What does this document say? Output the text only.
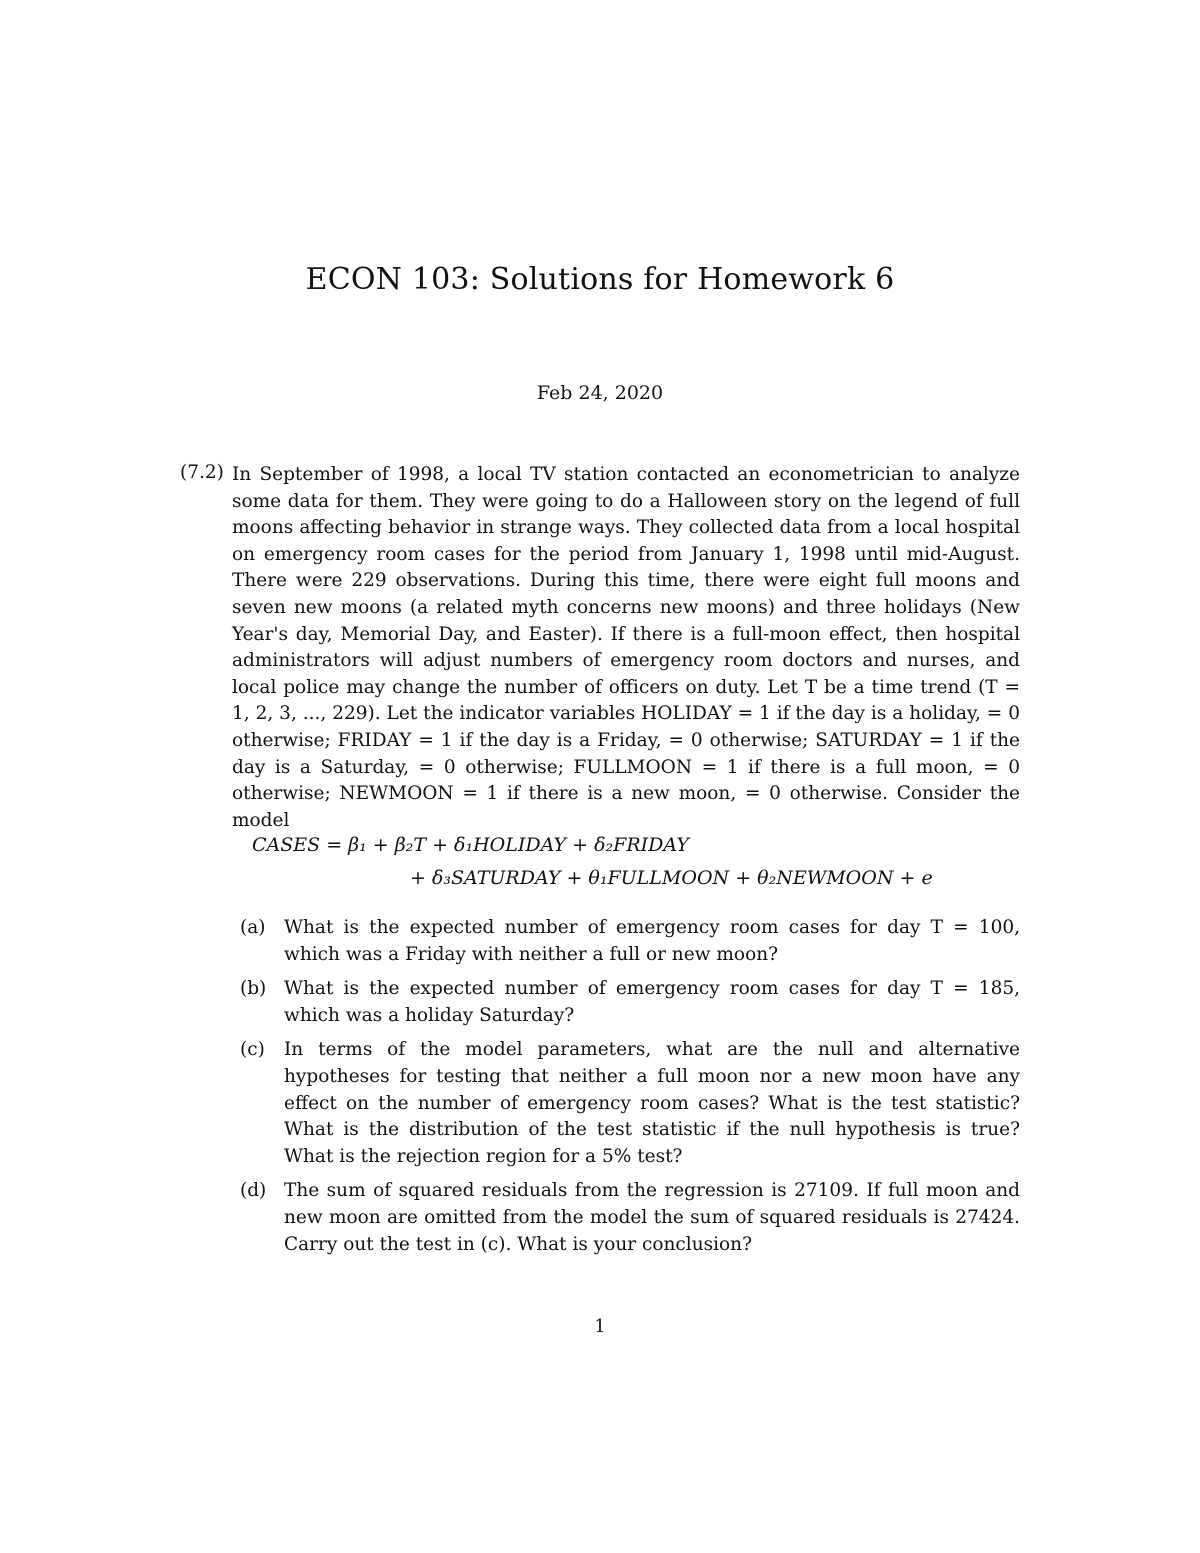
ECON 103: Solutions for Homework 6
Feb 24, 2020
(7.2) In September of 1998, a local TV station contacted an econometrician to analyze some data for them. They were going to do a Halloween story on the legend of full moons affecting behavior in strange ways. They collected data from a local hospital on emergency room cases for the period from January 1, 1998 until mid-August. There were 229 observations. During this time, there were eight full moons and seven new moons (a related myth concerns new moons) and three holidays (New Year's day, Memorial Day, and Easter). If there is a full-moon effect, then hospital administrators will adjust numbers of emergency room doctors and nurses, and local police may change the number of officers on duty. Let T be a time trend (T = 1, 2, 3, ..., 229). Let the indicator variables HOLIDAY = 1 if the day is a holiday, = 0 otherwise; FRIDAY = 1 if the day is a Friday, = 0 otherwise; SATURDAY = 1 if the day is a Saturday, = 0 otherwise; FULLMOON = 1 if there is a full moon, = 0 otherwise; NEWMOON = 1 if there is a new moon, = 0 otherwise. Consider the model

CASES = β₁ + β₂T + δ₁HOLIDAY + δ₂FRIDAY
+ δ₃SATURDAY + θ₁FULLMOON + θ₂NEWMOON + e
(a) What is the expected number of emergency room cases for day T = 100, which was a Friday with neither a full or new moon?
(b) What is the expected number of emergency room cases for day T = 185, which was a holiday Saturday?
(c) In terms of the model parameters, what are the null and alternative hypotheses for testing that neither a full moon nor a new moon have any effect on the number of emergency room cases? What is the test statistic? What is the distribution of the test statistic if the null hypothesis is true? What is the rejection region for a 5% test?
(d) The sum of squared residuals from the regression is 27109. If full moon and new moon are omitted from the model the sum of squared residuals is 27424. Carry out the test in (c). What is your conclusion?
1
